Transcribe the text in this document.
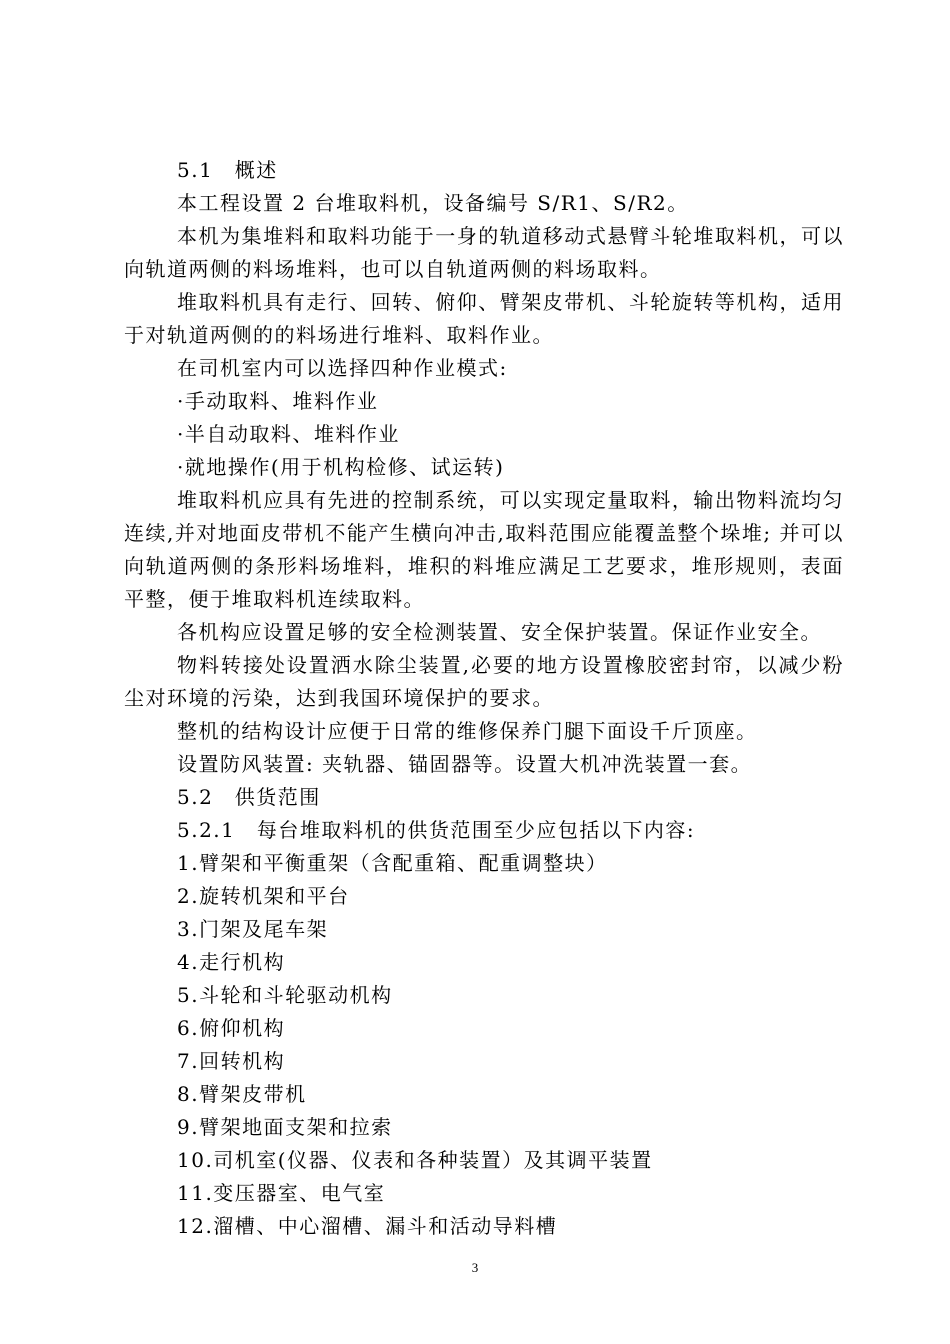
5.1　概述

本工程设置 2 台堆取料机，设备编号 S/R1、S/R2。

本机为集堆料和取料功能于一身的轨道移动式悬臂斗轮堆取料机，可以向轨道两侧的料场堆料，也可以自轨道两侧的料场取料。

堆取料机具有走行、回转、俯仰、臂架皮带机、斗轮旋转等机构，适用于对轨道两侧的的料场进行堆料、取料作业。

在司机室内可以选择四种作业模式:

·手动取料、堆料作业

·半自动取料、堆料作业

·就地操作(用于机构检修、试运转)

堆取料机应具有先进的控制系统，可以实现定量取料，输出物料流均匀连续,并对地面皮带机不能产生横向冲击,取料范围应能覆盖整个垛堆; 并可以向轨道两侧的条形料场堆料，堆积的料堆应满足工艺要求，堆形规则，表面平整，便于堆取料机连续取料。

各机构应设置足够的安全检测装置、安全保护装置。保证作业安全。

物料转接处设置洒水除尘装置,必要的地方设置橡胶密封帘，以减少粉尘对环境的污染，达到我国环境保护的要求。

整机的结构设计应便于日常的维修保养门腿下面设千斤顶座。

设置防风装置: 夹轨器、锚固器等。设置大机冲洗装置一套。

5.2　供货范围

5.2.1　每台堆取料机的供货范围至少应包括以下内容:

1.臂架和平衡重架（含配重箱、配重调整块）

2.旋转机架和平台

3.门架及尾车架

4.走行机构

5.斗轮和斗轮驱动机构

6.俯仰机构

7.回转机构

8.臂架皮带机

9.臂架地面支架和拉索

10.司机室(仪器、仪表和各种装置）及其调平装置

11.变压器室、电气室

12.溜槽、中心溜槽、漏斗和活动导料槽

3
